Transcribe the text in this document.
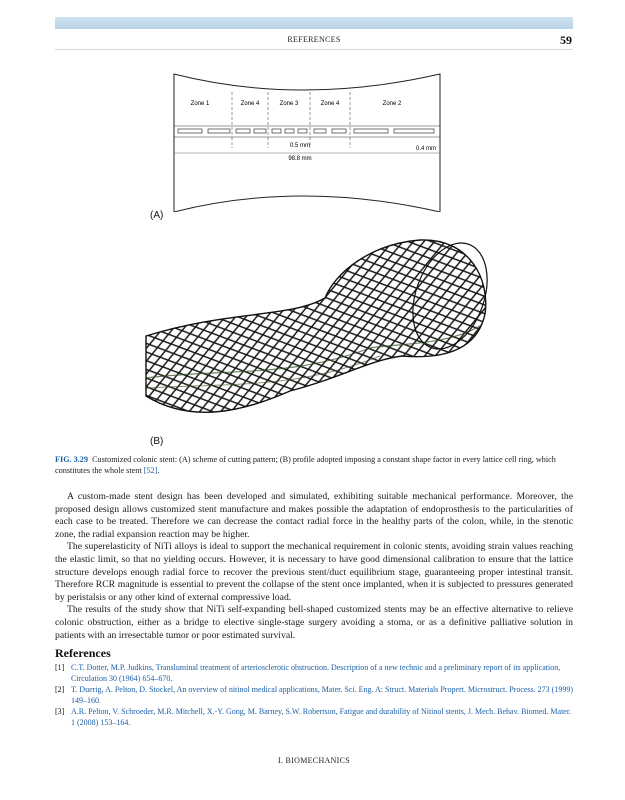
REFERENCES	59
Zone 1	Zone 4	Zone 3	Zone 4	Zone 2
0.5 mm	0.4 mm
98.8 mm
(A)
(B)
FIG. 3.29 Customized colonic stent: (A) scheme of cutting pattern; (B) profile adopted imposing a constant shape factor in every lattice cell ring, which constitutes the whole stent [52].

A custom-made stent design has been developed and simulated, exhibiting suitable mechanical performance. Moreover, the proposed design allows customized stent manufacture and makes possible the adaptation of endoprosthesis to the particularities of each case to be treated. Therefore we can decrease the contact radial force in the healthy parts of the colon, while, in the stenotic zone, the radial expansion reaction may be higher.

The superelasticity of NiTi alloys is ideal to support the mechanical requirement in colonic stents, avoiding strain values reaching the elastic limit, so that no yielding occurs. However, it is necessary to have good dimensional calibration to ensure that the lattice structure develops enough radial force to recover the previous stent/duct equilibrium stage, guaranteeing proper intestinal transit. Therefore RCR magnitude is essential to prevent the collapse of the stent once implanted, when it is subjected to pressures generated by peristalsis or any other kind of external compressive load.

The results of the study show that NiTi self-expanding bell-shaped customized stents may be an effective alternative to relieve colonic obstruction, either as a bridge to elective single-stage surgery avoiding a stoma, or as a definitive palliative solution in patients with an irresectable tumor or poor estimated survival.

References
[1] C.T. Dotter, M.P. Judkins, Transluminal treatment of arteriosclerotic obstruction. Description of a new technic and a preliminary report of its application, Circulation 30 (1964) 654–670.
[2] T. Duerig, A. Pelton, D. Stockel, An overview of nitinol medical applications, Mater. Sci. Eng. A: Struct. Materials Propert. Microstruct. Process. 273 (1999) 149–160.
[3] A.R. Pelton, V. Schroeder, M.R. Mitchell, X.-Y. Gong, M. Barney, S.W. Robertson, Fatigue and durability of Nitinol stents, J. Mech. Behav. Biomed. Mater. 1 (2008) 153–164.
I. BIOMECHANICS
